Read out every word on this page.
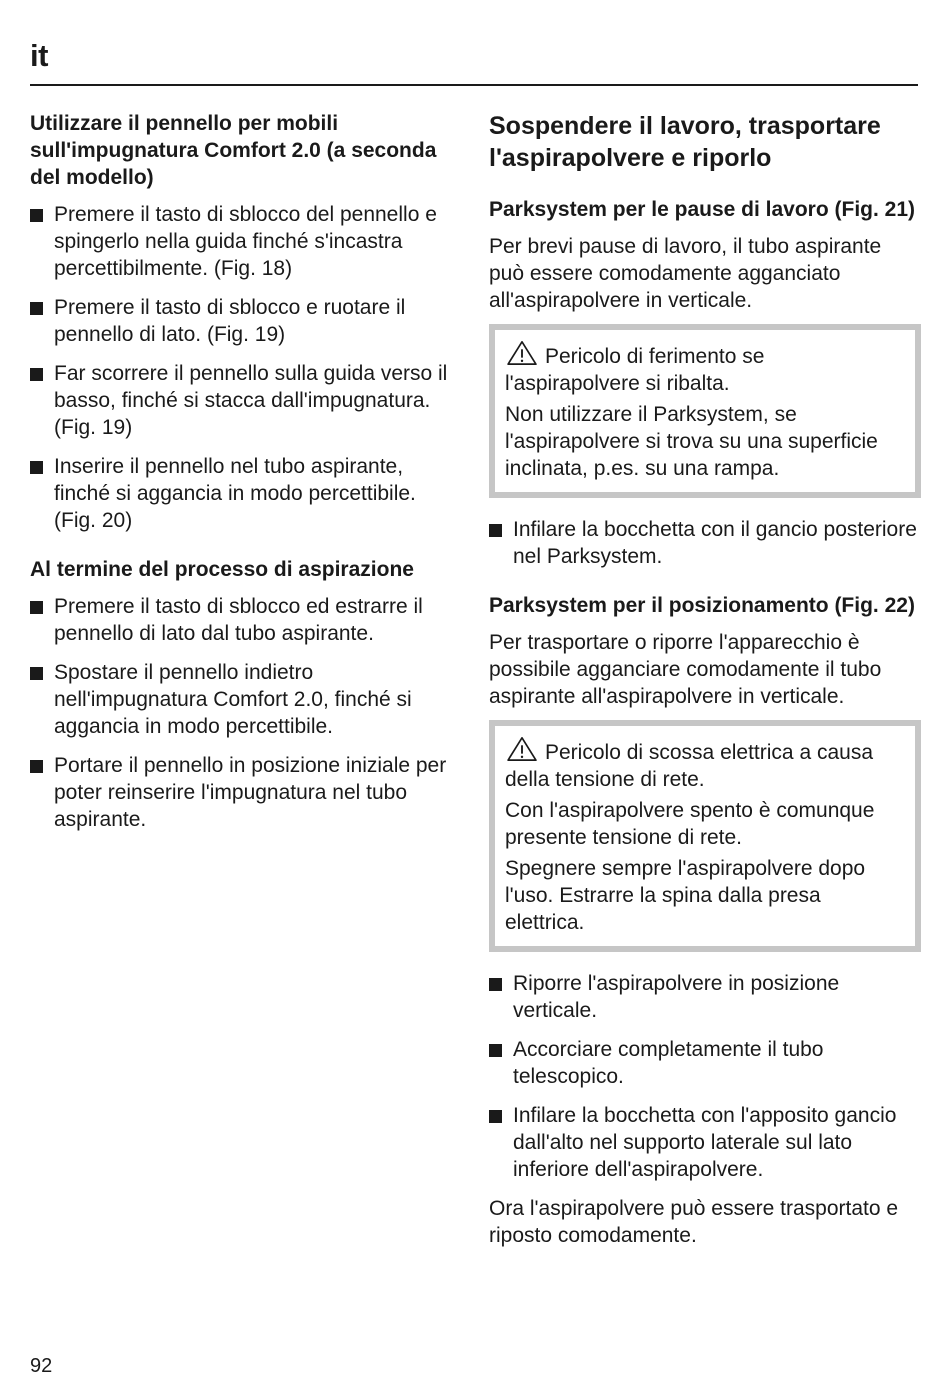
it
Utilizzare il pennello per mobili sull'impugnatura Comfort 2.0 (a seconda del modello)
Premere il tasto di sblocco del pennello e spingerlo nella guida finché s'incastra percettibilmente. (Fig. 18)
Premere il tasto di sblocco e ruotare il pennello di lato. (Fig. 19)
Far scorrere il pennello sulla guida verso il basso, finché si stacca dall'impugnatura. (Fig. 19)
Inserire il pennello nel tubo aspirante, finché si aggancia in modo percettibile. (Fig. 20)
Al termine del processo di aspirazione
Premere il tasto di sblocco ed estrarre il pennello di lato dal tubo aspirante.
Spostare il pennello indietro nell'impugnatura Comfort 2.0, finché si aggancia in modo percettibile.
Portare il pennello in posizione iniziale per poter reinserire l'impugnatura nel tubo aspirante.
Sospendere il lavoro, trasportare l'aspirapolvere e riporlo
Parksystem per le pause di lavoro (Fig. 21)
Per brevi pause di lavoro, il tubo aspirante può essere comodamente agganciato all'aspirapolvere in verticale.
Pericolo di ferimento se l'aspirapolvere si ribalta.
Non utilizzare il Parksystem, se l'aspirapolvere si trova su una superficie inclinata, p.es. su una rampa.
Infilare la bocchetta con il gancio posteriore nel Parksystem.
Parksystem per il posizionamento (Fig. 22)
Per trasportare o riporre l'apparecchio è possibile agganciare comodamente il tubo aspirante all'aspirapolvere in verticale.
Pericolo di scossa elettrica a causa della tensione di rete.
Con l'aspirapolvere spento è comunque presente tensione di rete.
Spegnere sempre l'aspirapolvere dopo l'uso. Estrarre la spina dalla presa elettrica.
Riporre l'aspirapolvere in posizione verticale.
Accorciare completamente il tubo telescopico.
Infilare la bocchetta con l'apposito gancio dall'alto nel supporto laterale sul lato inferiore dell'aspirapolvere.
Ora l'aspirapolvere può essere trasportato e riposto comodamente.
92
